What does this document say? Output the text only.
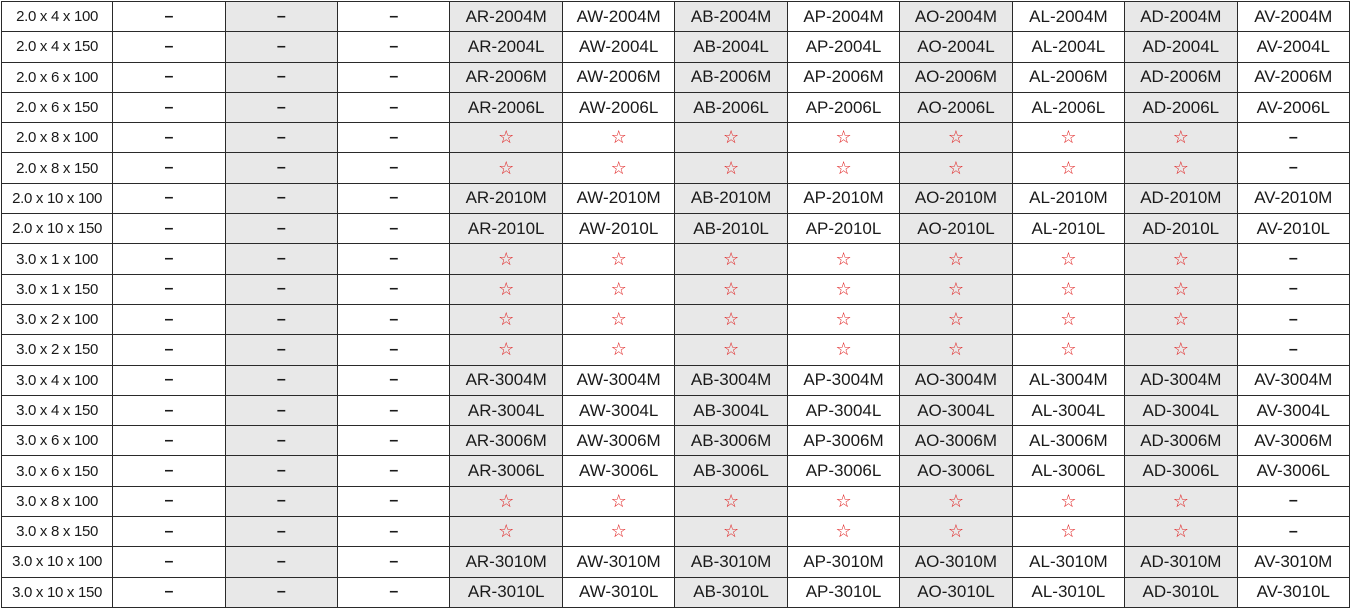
2.0 x 4 x 100	–	–	–	AR-2004M	AW-2004M	AB-2004M	AP-2004M	AO-2004M	AL-2004M	AD-2004M	AV-2004M
2.0 x 4 x 150	–	–	–	AR-2004L	AW-2004L	AB-2004L	AP-2004L	AO-2004L	AL-2004L	AD-2004L	AV-2004L
2.0 x 6 x 100	–	–	–	AR-2006M	AW-2006M	AB-2006M	AP-2006M	AO-2006M	AL-2006M	AD-2006M	AV-2006M
2.0 x 6 x 150	–	–	–	AR-2006L	AW-2006L	AB-2006L	AP-2006L	AO-2006L	AL-2006L	AD-2006L	AV-2006L
2.0 x 8 x 100	–	–	–	☆	☆	☆	☆	☆	☆	☆	–
2.0 x 8 x 150	–	–	–	☆	☆	☆	☆	☆	☆	☆	–
2.0 x 10 x 100	–	–	–	AR-2010M	AW-2010M	AB-2010M	AP-2010M	AO-2010M	AL-2010M	AD-2010M	AV-2010M
2.0 x 10 x 150	–	–	–	AR-2010L	AW-2010L	AB-2010L	AP-2010L	AO-2010L	AL-2010L	AD-2010L	AV-2010L
3.0 x 1 x 100	–	–	–	☆	☆	☆	☆	☆	☆	☆	–
3.0 x 1 x 150	–	–	–	☆	☆	☆	☆	☆	☆	☆	–
3.0 x 2 x 100	–	–	–	☆	☆	☆	☆	☆	☆	☆	–
3.0 x 2 x 150	–	–	–	☆	☆	☆	☆	☆	☆	☆	–
3.0 x 4 x 100	–	–	–	AR-3004M	AW-3004M	AB-3004M	AP-3004M	AO-3004M	AL-3004M	AD-3004M	AV-3004M
3.0 x 4 x 150	–	–	–	AR-3004L	AW-3004L	AB-3004L	AP-3004L	AO-3004L	AL-3004L	AD-3004L	AV-3004L
3.0 x 6 x 100	–	–	–	AR-3006M	AW-3006M	AB-3006M	AP-3006M	AO-3006M	AL-3006M	AD-3006M	AV-3006M
3.0 x 6 x 150	–	–	–	AR-3006L	AW-3006L	AB-3006L	AP-3006L	AO-3006L	AL-3006L	AD-3006L	AV-3006L
3.0 x 8 x 100	–	–	–	☆	☆	☆	☆	☆	☆	☆	–
3.0 x 8 x 150	–	–	–	☆	☆	☆	☆	☆	☆	☆	–
3.0 x 10 x 100	–	–	–	AR-3010M	AW-3010M	AB-3010M	AP-3010M	AO-3010M	AL-3010M	AD-3010M	AV-3010M
3.0 x 10 x 150	–	–	–	AR-3010L	AW-3010L	AB-3010L	AP-3010L	AO-3010L	AL-3010L	AD-3010L	AV-3010L
